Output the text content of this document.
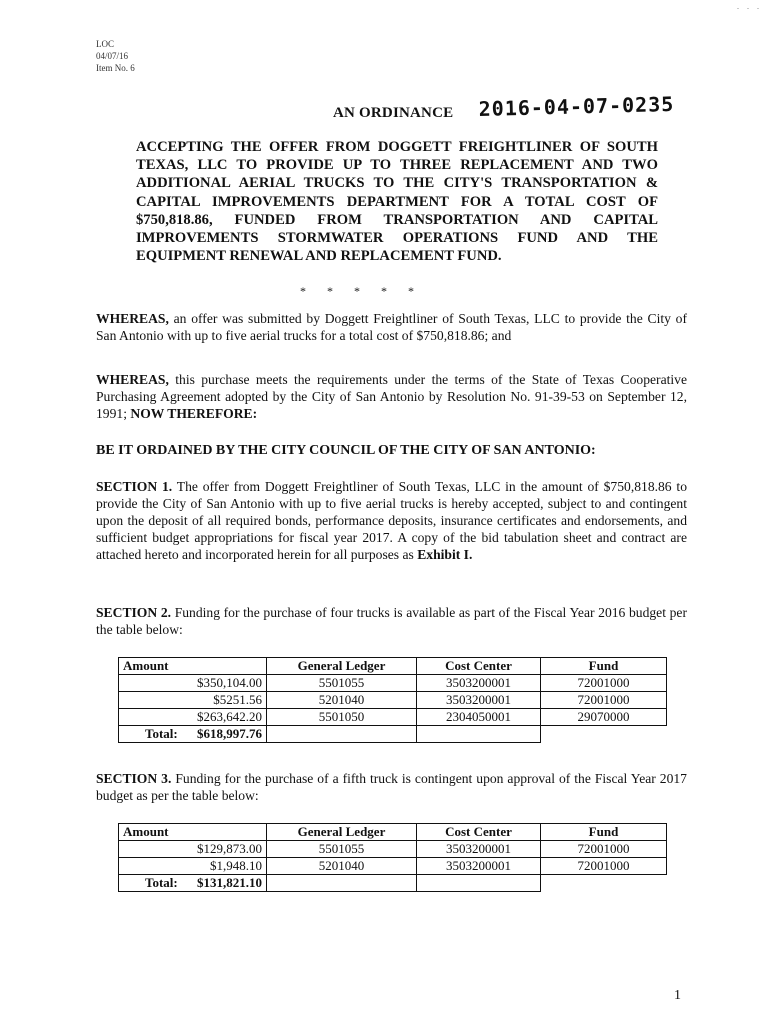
. . .
LOC
04/07/16
Item No. 6
AN ORDINANCE 2016-04-07-0235
ACCEPTING THE OFFER FROM DOGGETT FREIGHTLINER OF SOUTH TEXAS, LLC TO PROVIDE UP TO THREE REPLACEMENT AND TWO ADDITIONAL AERIAL TRUCKS TO THE CITY'S TRANSPORTATION & CAPITAL IMPROVEMENTS DEPARTMENT FOR A TOTAL COST OF $750,818.86, FUNDED FROM TRANSPORTATION AND CAPITAL IMPROVEMENTS STORMWATER OPERATIONS FUND AND THE EQUIPMENT RENEWAL AND REPLACEMENT FUND.
* * * * *

WHEREAS, an offer was submitted by Doggett Freightliner of South Texas, LLC to provide the City of San Antonio with up to five aerial trucks for a total cost of $750,818.86; and

WHEREAS, this purchase meets the requirements under the terms of the State of Texas Cooperative Purchasing Agreement adopted by the City of San Antonio by Resolution No. 91-39-53 on September 12, 1991; NOW THEREFORE:

BE IT ORDAINED BY THE CITY COUNCIL OF THE CITY OF SAN ANTONIO:

SECTION 1. The offer from Doggett Freightliner of South Texas, LLC in the amount of $750,818.86 to provide the City of San Antonio with up to five aerial trucks is hereby accepted, subject to and contingent upon the deposit of all required bonds, performance deposits, insurance certificates and endorsements, and sufficient budget appropriations for fiscal year 2017. A copy of the bid tabulation sheet and contract are attached hereto and incorporated herein for all purposes as Exhibit I.

SECTION 2. Funding for the purchase of four trucks is available as part of the Fiscal Year 2016 budget per the table below:

Amount	General Ledger	Cost Center	Fund
$350,104.00	5501055	3503200001	72001000
$5251.56	5201040	3503200001	72001000
$263,642.20	5501050	2304050001	29070000
Total: $618,997.76			

SECTION 3. Funding for the purchase of a fifth truck is contingent upon approval of the Fiscal Year 2017 budget as per the table below:

Amount	General Ledger	Cost Center	Fund
$129,873.00	5501055	3503200001	72001000
$1,948.10	5201040	3503200001	72001000
Total: $131,821.10			
1
